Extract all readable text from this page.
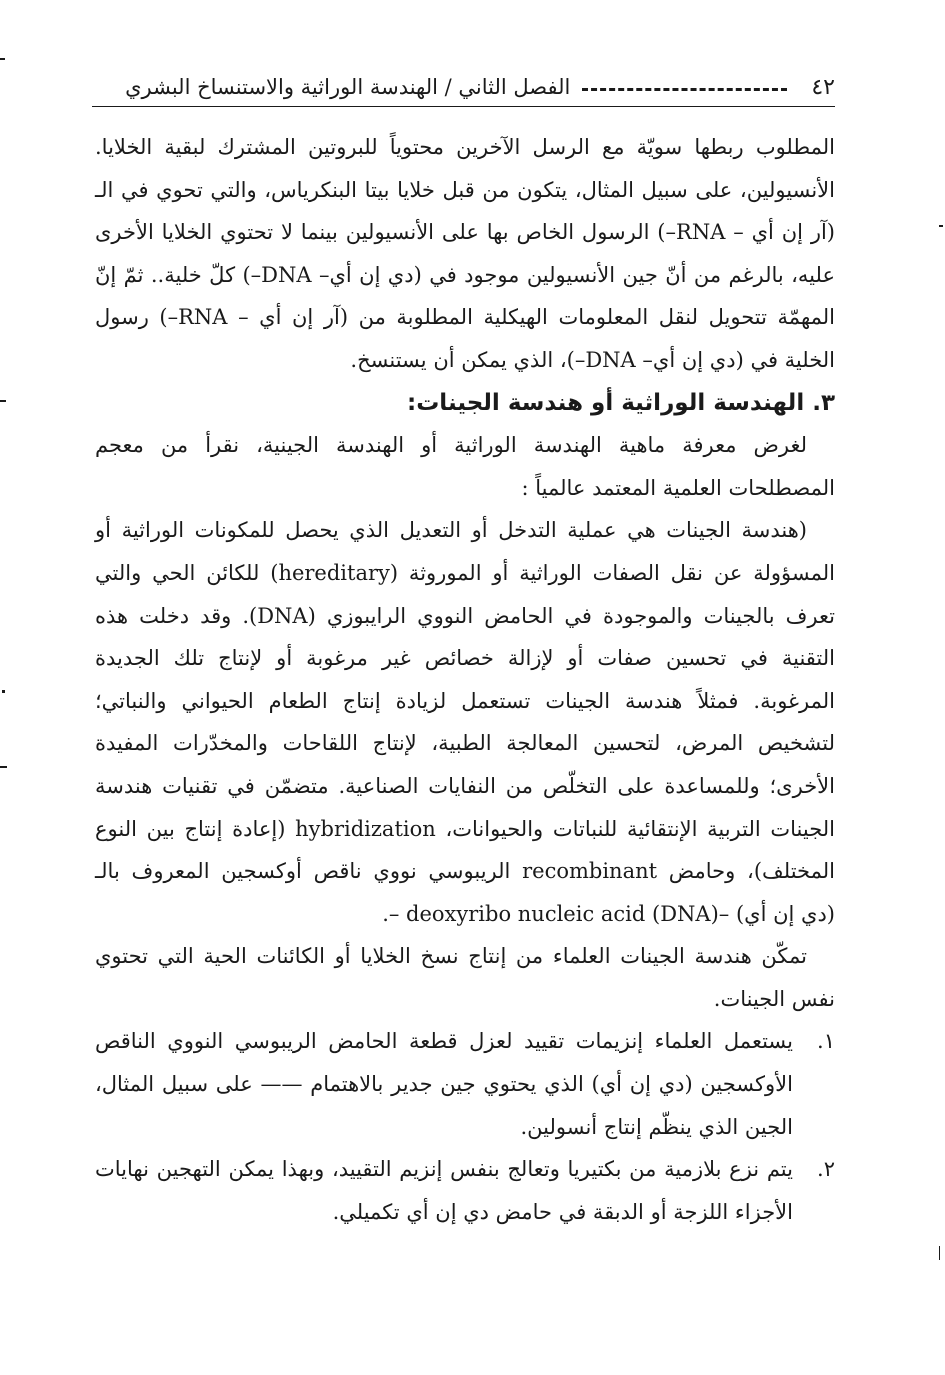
٤٢
الفصل الثاني / الهندسة الوراثية والاستنساخ البشري

المطلوب ربطها سويّة مع الرسل الآخرين محتوياً للبروتين المشترك لبقية الخلايا. الأنسيولين، على سبيل المثال، يتكون من قبل خلايا بيتا البنكرياس، والتي تحوي في الـ (آر إن أي – RNA–) الرسول الخاص بها على الأنسيولين بينما لا تحتوي الخلايا الأخرى عليه، بالرغم من أنّ جين الأنسيولين موجود في (دي إن أي– DNA–) كلّ خلية.. ثمّ إنّ المهمّة تتحويل لنقل المعلومات الهيكلية المطلوبة من (آر إن أي – RNA–) رسول الخلية في (دي إن أي– DNA–)، الذي يمكن أن يستنسخ.

٣. الهندسة الوراثية أو هندسة الجينات:

لغرض معرفة ماهية الهندسة الوراثية أو الهندسة الجينية، نقرأ من معجم المصطلحات العلمية المعتمد عالمياً :

(هندسة الجينات هي عملية التدخل أو التعديل الذي يحصل للمكونات الوراثية أو المسؤولة عن نقل الصفات الوراثية أو الموروثة (hereditary) للكائن الحي والتي تعرف بالجينات والموجودة في الحامض النووي الرايبوزي (DNA). وقد دخلت هذه التقنية في تحسين صفات أو لإزالة خصائص غير مرغوبة أو لإنتاج تلك الجديدة المرغوبة. فمثلاً هندسة الجينات تستعمل لزيادة إنتاج الطعام الحيواني والنباتي؛ لتشخيص المرض، لتحسين المعالجة الطبية، لإنتاج اللقاحات والمخدّرات المفيدة الأخرى؛ وللمساعدة على التخلّص من النفايات الصناعية. متضمّن في تقنيات هندسة الجينات التربية الإنتقائية للنباتات والحيوانات، hybridization (إعادة إنتاج بين النوع المختلف)، وحامض recombinant الريبوسي نووي ناقص أوكسجين المعروف بالـ (دي إن أي) –(deoxyribo nucleic acid (DNA –.

تمكّن هندسة الجينات العلماء من إنتاج نسخ الخلايا أو الكائنات الحية التي تحتوي نفس الجينات.

١.
يستعمل العلماء إنزيمات تقييد لعزل قطعة الحامض الريبوسي النووي الناقص الأوكسجين (دي إن أي) الذي يحتوي جين جدير بالاهتمام —— على سبيل المثال، الجين الذي ينظّم إنتاج أنسولين.
٢.
يتم نزع بلازمية من بكتيريا وتعالج بنفس إنزيم التقييد، وبهذا يمكن التهجين نهايات الأجزاء اللزجة أو الدبقة في حامض دي إن أي تكميلي.
